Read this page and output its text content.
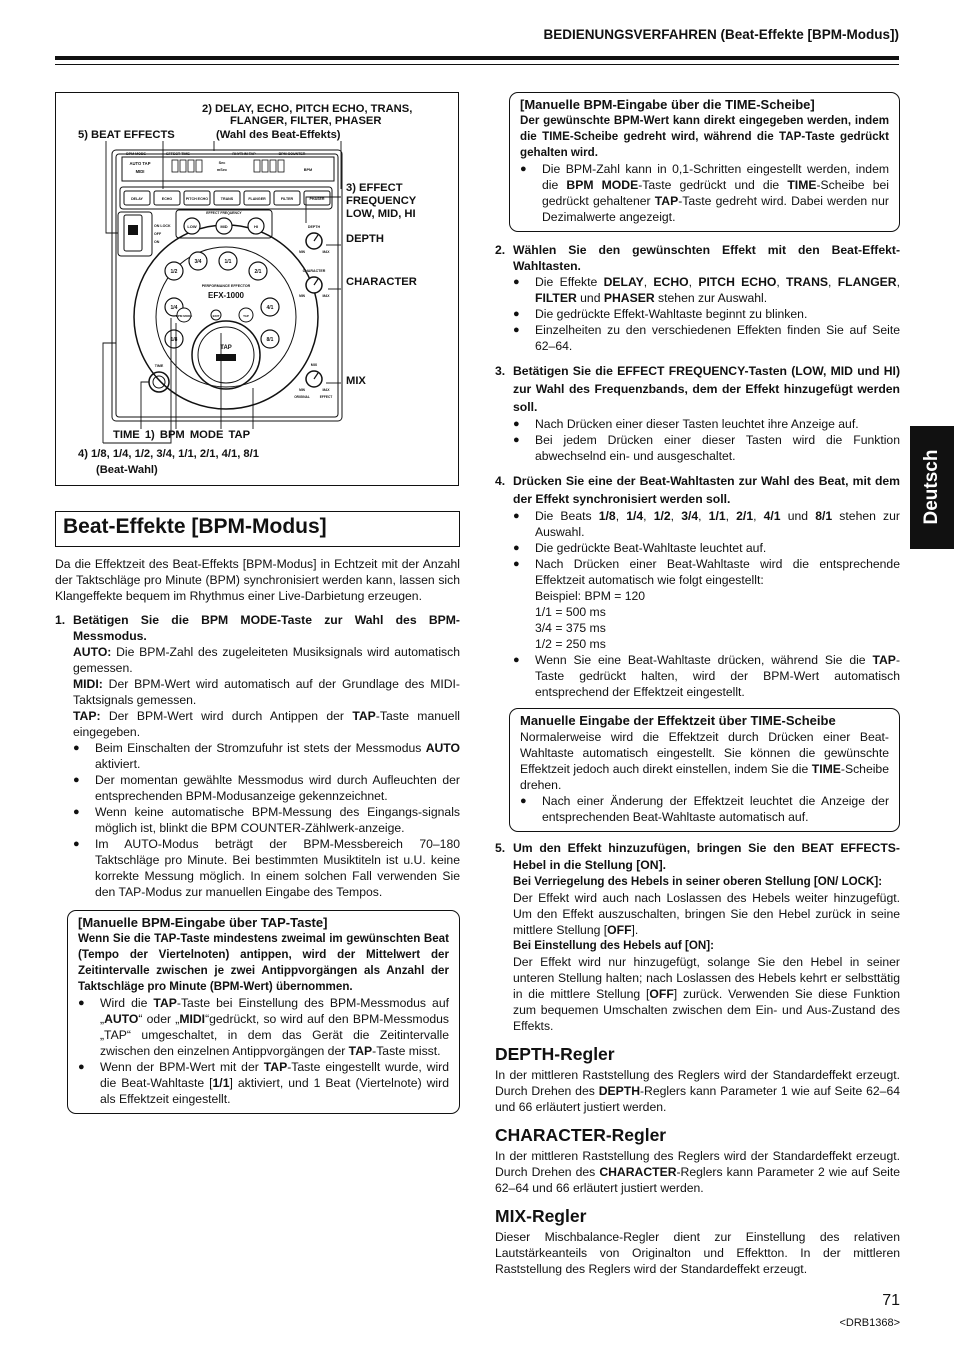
BEDIENUNGSVERFAHREN (Beat-Effekte [BPM-Modus])
Deutsch
BPM MODE	EFFECT TIME	RHYTHM TAP	BPM COUNTER
AUTO TAP
MIDI
Sec
mSec	BPM
DELAY	ECHO	PITCH ECHO	TRANS	FLANGER	FILTER	PHASER
EFFECT FREQUENCY
LOW	MID	HI
ON LOCK
OFF
ON
DEPTH
MIN	MAX
CHARACTER
MIN	MAX
MIX
MIN	MAX
ORIGINAL	EFFECT
1/8
1/4
1/2
3/4	1/1
2/1
4/1
8/1
PERFORMANCE EFFECTOR
EFX-1000
BPM MODE	EDIT	TAP
TAP
TIME
5) BEAT EFFECTS
2) DELAY, ECHO, PITCH ECHO, TRANS,
FLANGER, FILTER, PHASER
(Wahl des Beat-Effekts)
3) EFFECT
FREQUENCY
LOW, MID, HI
DEPTH
CHARACTER
MIX
TIME 1) BPM MODE TAP
4) 1/8, 1/4, 1/2, 3/4, 1/1, 2/1, 4/1, 8/1
(Beat-Wahl)
Beat-Effekte [BPM-Modus]

Da die Effektzeit des Beat-Effekts [BPM-Modus] in Echtzeit mit der Anzahl der Taktschläge pro Minute (BPM) synchronisiert werden kann, lassen sich Klangeffekte bequem im Rhythmus einer Live-Darbietung erzeugen.

1. Betätigen Sie die BPM MODE-Taste zur Wahl des BPM-Messmodus.

AUTO: Die BPM-Zahl des zugeleiteten Musiksignals wird automatisch gemessen.

MIDI: Der BPM-Wert wird automatisch auf der Grundlage des MIDI-Taktsignals gemessen.

TAP: Der BPM-Wert wird durch Antippen der TAP-Taste manuell eingegeben.

●	Beim Einschalten der Stromzufuhr ist stets der Messmodus AUTO aktiviert.
●	Der momentan gewählte Messmodus wird durch Aufleuchten der entsprechenden BPM-Modusanzeige gekennzeichnet.
●	Wenn keine automatische BPM-Messung des Eingangs-signals möglich ist, blinkt die BPM COUNTER-Zählwerk-anzeige.
●	Im AUTO-Modus beträgt der BPM-Messbereich 70–180 Taktschläge pro Minute. Bei bestimmten Musiktiteln ist u.U. keine korrekte Messung möglich. In einem solchen Fall verwenden Sie den TAP-Modus zur manuellen Eingabe des Tempos.
[Manuelle BPM-Eingabe über TAP-Taste]

Wenn Sie die TAP-Taste mindestens zweimal im gewünschten Beat (Tempo der Viertelnoten) antippen, wird der Mittelwert der Zeitintervalle zwischen je zwei Antippvorgängen als Anzahl der Taktschläge pro Minute (BPM-Wert) übernommen.

●	Wird die TAP-Taste bei Einstellung des BPM-Messmodus auf „AUTO“ oder „MIDI“gedrückt, so wird auf den BPM-Messmodus „TAP“ umgeschaltet, in dem das Gerät die Zeitintervalle zwischen den einzelnen Antippvorgängen der TAP-Taste misst.
●	Wenn der BPM-Wert mit der TAP-Taste eingestellt wurde, wird die Beat-Wahltaste [1/1] aktiviert, und 1 Beat (Viertelnote) wird als Effektzeit eingestellt.
[Manuelle BPM-Eingabe über die TIME-Scheibe]

Der gewünschte BPM-Wert kann direkt eingegeben werden, indem die TIME-Scheibe gedreht wird, während die TAP-Taste gedrückt gehalten wird.

●	Die BPM-Zahl kann in 0,1-Schritten eingestellt werden, indem die BPM MODE-Taste gedrückt und die TIME-Scheibe bei gedrückt gehaltener TAP-Taste gedreht wird. Dabei werden nur Dezimalwerte angezeigt.
2. Wählen Sie den gewünschten Effekt mit den Beat-Effekt-Wahltasten.
●	Die Effekte DELAY, ECHO, PITCH ECHO, TRANS, FLANGER, FILTER und PHASER stehen zur Auswahl.
●	Die gedrückte Effekt-Wahltaste beginnt zu blinken.
●	Einzelheiten zu den verschiedenen Effekten finden Sie auf Seite 62–64.
3. Betätigen Sie die EFFECT FREQUENCY-Tasten (LOW, MID und HI) zur Wahl des Frequenzbands, dem der Effekt hinzugefügt werden soll.
●	Nach Drücken einer dieser Tasten leuchtet ihre Anzeige auf.
●	Bei jedem Drücken einer dieser Tasten wird die Funktion abwechselnd ein- und ausgeschaltet.
4. Drücken Sie eine der Beat-Wahltasten zur Wahl des Beat, mit dem der Effekt synchronisiert werden soll.
●	Die Beats 1/8, 1/4, 1/2, 3/4, 1/1, 2/1, 4/1 und 8/1 stehen zur Auswahl.
●	Die gedrückte Beat-Wahltaste leuchtet auf.
●	Nach Drücken einer Beat-Wahltaste wird die entsprechende Effektzeit automatisch wie folgt eingestellt:

Beispiel: BPM = 120

1/1 = 500 ms

3/4 = 375 ms

1/2 = 250 ms

●	Wenn Sie eine Beat-Wahltaste drücken, während Sie die TAP-Taste gedrückt halten, wird der BPM-Wert automatisch entsprechend der Effektzeit eingestellt.
Manuelle Eingabe der Effektzeit über TIME-Scheibe

Normalerweise wird die Effektzeit durch Drücken einer Beat-Wahltaste automatisch eingestellt. Sie können die gewünschte Effektzeit jedoch auch direkt einstellen, indem Sie die TIME-Scheibe drehen.

●	Nach einer Änderung der Effektzeit leuchtet die Anzeige der entsprechenden Beat-Wahltaste automatisch auf.
5. Um den Effekt hinzuzufügen, bringen Sie den BEAT EFFECTS-Hebel in die Stellung [ON].

Bei Verriegelung des Hebels in seiner oberen Stellung [ON/ LOCK]:

Der Effekt wird auch nach Loslassen des Hebels weiter hinzugefügt. Um den Effekt auszuschalten, bringen Sie den Hebel zurück in seine mittlere Stellung [OFF].

Bei Einstellung des Hebels auf [ON]:

Der Effekt wird nur hinzugefügt, solange Sie den Hebel in seiner unteren Stellung halten; nach Loslassen des Hebels kehrt er selbsttätig in die mittlere Stellung [OFF] zurück. Verwenden Sie diese Funktion zum bequemen Umschalten zwischen dem Ein- und Aus-Zustand des Effekts.

DEPTH-Regler

In der mittleren Raststellung des Reglers wird der Standardeffekt erzeugt. Durch Drehen des DEPTH-Reglers kann Parameter 1 wie auf Seite 62–64 und 66 erläutert justiert werden.

CHARACTER-Regler

In der mittleren Raststellung des Reglers wird der Standardeffekt erzeugt. Durch Drehen des CHARACTER-Reglers kann Parameter 2 wie auf Seite 62–64 und 66 erläutert justiert werden.

MIX-Regler

Dieser Mischbalance-Regler dient zur Einstellung des relativen Lautstärkeanteils von Originalton und Effektton. In der mittleren Raststellung des Reglers wird der Standardeffekt erzeugt.

71
<DRB1368>
